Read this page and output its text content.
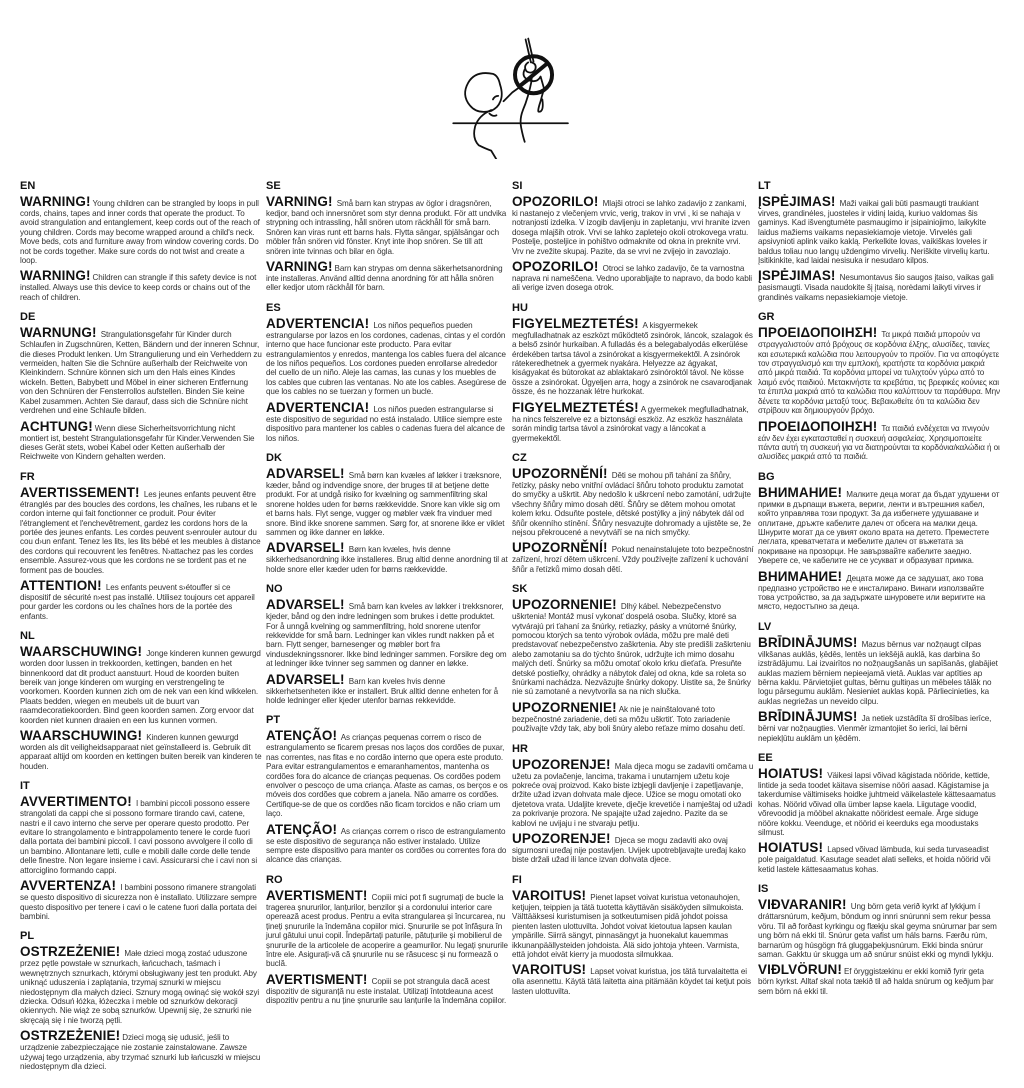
EN
WARNING! Young children can be strangled by loops in pull cords, chains, tapes and inner cords that operate the product. To avoid strangulation and entanglement, keep cords out of the reach of young children. Cords may become wrapped around a child's neck. Move beds, cots and furniture away from window covering cords. Do not be cords together. Make sure cords do not twist and create a loop.
WARNING! Children can strangle if this safety device is not installed. Always use this device to keep cords or chains out of the reach of children.
DE
WARNUNG! Strangulationsgefahr für Kinder durch Schlaufen in Zugschnüren, Ketten, Bändern und der inneren Schnur, die dieses Produkt lenken. Um Strangulierung und ein Verheddern zu vermeiden, halten Sie die Schnüre außerhalb der Reichweite von Kleinkindern. Schnüre können sich um den Hals eines Kindes wickeln. Betten, Babybett und Möbel in einer sicheren Entfernung von den Schnüren der Fensterrollos aufstellen. Binden Sie keine Kabel zusammen. Achten Sie darauf, dass sich die Schnüre nicht verdrehen und eine Schlaufe bilden.
ACHTUNG! Wenn diese Sicherheitsvorrichtung nicht montiert ist, besteht Strangulationsgefahr für Kinder.Verwenden Sie dieses Gerät stets, wobei Kabel oder Ketten außerhalb der Reichweite von Kindern gehalten werden.
FR
AVERTISSEMENT! Les jeunes enfants peuvent être étranglés par des boucles des cordons, les chaînes, les rubans et le cordon interne qui fait fonctionner ce produit. Pour éviter l'étranglement et l'enchevêtrement, gardez les cordons hors de la portée des jeunes enfants. Les cordes peuvent s›enrouler autour du cou d›un enfant. Tenez les lits, les lits bébé et les meubles à distance des cordons qui recouvrent les fenêtres. N›attachez pas les cordes ensemble. Assurez-vous que les cordons ne se tordent pas et ne forment pas de boucles.
ATTENTION! Les enfants peuvent s›étouffer si ce dispositif de sécurité n›est pas installé. Utilisez toujours cet appareil pour garder les cordons ou les chaînes hors de la portée des enfants.
NL
WAARSCHUWING! Jonge kinderen kunnen gewurgd worden door lussen in trekkoorden, kettingen, banden en het binnenkoord dat dit product aanstuurt. Houd de koorden buiten bereik van jonge kinderen om wurging en verstrengeling te voorkomen. Koorden kunnen zich om de nek van een kind wikkelen. Plaats bedden, wiegen en meubels uit de buurt van raamdecoratiekoorden. Bind geen koorden samen. Zorg ervoor dat koorden niet kunnen draaien en een lus kunnen vormen.
WAARSCHUWING! Kinderen kunnen gewurgd worden als dit veiligheidsapparaat niet geïnstalleerd is. Gebruik dit apparaat altijd om koorden en kettingen buiten bereik van kinderen te houden.
IT
AVVERTIMENTO! I bambini piccoli possono essere strangolati da cappi che si possono formare tirando cavi, catene, nastri e il cavo interno che serve per operare questo prodotto. Per evitare lo strangolamento e l›intrappolamento tenere le corde fuori dalla portata dei bambini piccoli. I cavi possono avvolgere il collo di un bambino. Allontanare letti, culle e mobili dalle corde delle tende delle finestre. Non legare insieme i cavi. Assicurarsi che i cavi non si attorciglino formando cappi.
AVVERTENZA! I bambini possono rimanere strangolati se questo dispositivo di sicurezza non è installato. Utilizzare sempre questo dispositivo per tenere i cavi o le catene fuori dalla portata dei bambini.
PL
OSTRZEŻENIE! Małe dzieci mogą zostać uduszone przez pętle powstałe w sznurkach, łańcuchach, taśmach i wewnętrznych sznurkach, którymi obsługiwany jest ten produkt. Aby uniknąć uduszenia i zaplątania, trzymaj sznurki w miejscu niedostępnym dla małych dzieci. Sznury mogą owinąć się wokół szyi dziecka. Odsuń łóżka, łóżeczka i meble od sznurków dekoracji okiennych. Nie wiąż ze sobą sznurków. Upewnij się, że sznurki nie skręcają się i nie tworzą pętli.
OSTRZEŻENIE! Dzieci mogą się udusić, jeśli to urządzenie zabezpieczające nie zostanie zainstalowane. Zawsze używaj tego urządzenia, aby trzymać sznurki lub łańcuszki w miejscu niedostępnym dla dzieci.
SE
VARNING! Små barn kan strypas av öglor i dragsnören, kedjor, band och innersnöret som styr denna produkt. För att undvika strypning och intrassling, håll snören utom räckhåll för små barn. Snören kan viras runt ett barns hals. Flytta sängar, spjälsängar och möbler från snören vid fönster. Knyt inte ihop snören. Se till att snören inte tvinnas och bilar en ögla.
VARNING! Barn kan strypas om denna säkerhetsanordning inte installeras. Använd alltid denna anordning för att hålla snören eller kedjor utom räckhåll för barn.
ES
ADVERTENCIA! Los niños pequeños pueden estrangularse por lazos en los cordones, cadenas, cintas y el cordón interno que hace funcionar este producto. Para evitar estrangulamientos y enredos, mantenga los cables fuera del alcance de los niños pequeños. Los cordones pueden enrollarse alrededor del cuello de un niño. Aleje las camas, las cunas y los muebles de los cables que cubren las ventanas. No ate los cables. Asegúrese de que los cables no se tuerzan y formen un bucle.
ADVERTENCIA! Los niños pueden estrangularse si este dispositivo de seguridad no está instalado. Utilice siempre este dispositivo para mantener los cables o cadenas fuera del alcance de los niños.
DK
ADVARSEL! Små børn kan kvæles af løkker i træksnore, kæder, bånd og indvendige snore, der bruges til at betjene dette produkt. For at undgå risiko for kvælning og sammenfiltring skal snorene holdes uden for børns rækkevidde. Snore kan vikle sig om et barns hals. Flyt senge, vugger og møbler væk fra vinduer med snore. Bind ikke snorene sammen. Sørg for, at snorene ikke er viklet sammen og ikke danner en løkke.
ADVARSEL! Børn kan kvæles, hvis denne sikkerhedsanordning ikke installeres. Brug altid denne anordning til at holde snore eller kæder uden for børns rækkevidde.
NO
ADVARSEL! Små barn kan kveles av løkker i trekksnorer, kjeder, bånd og den indre ledningen som brukes i dette produktet. For å unngå kvelning og sammenfiltring, hold snorene utenfor rekkevidde for små barn. Ledninger kan vikles rundt nakken på et barn. Flytt senger, barnesenger og møbler bort fra vindusdekningssnorer. Ikke bind ledninger sammen. Forsikre deg om at ledninger ikke tvinner seg sammen og danner en løkke.
ADVARSEL! Barn kan kveles hvis denne sikkerhetsenheten ikke er installert. Bruk alltid denne enheten for å holde ledninger eller kjeder utenfor barnas rekkevidde.
PT
ATENÇÃO! As crianças pequenas correm o risco de estrangulamento se ficarem presas nos laços dos cordões de puxar, nas correntes, nas fitas e no cordão interno que opera este produto. Para evitar estrangulamentos e emaranhamentos, mantenha os cordões fora do alcance de crianças pequenas. Os cordões podem envolver o pescoço de uma criança. Afaste as camas, os berços e os móveis dos cordões que cobrem a janela. Não amarre os cordões. Certifique-se de que os cordões não ficam torcidos e não criam um laço.
ATENÇÃO! As crianças correm o risco de estrangulamento se este dispositivo de segurança não estiver instalado. Utilize sempre este dispositivo para manter os cordões ou correntes fora do alcance das crianças.
RO
AVERTISMENT! Copiii mici pot fi sugrumați de bucle la tragerea șnururilor, lanțurilor, benzilor și a cordonului interior care operează acest produs. Pentru a evita strangularea și încurcarea, nu țineți șnururile la îndemâna copiilor mici. Șnururile se pot înfășura în jurul gâtului unui copil. Îndepărtați paturile, pătuțurile și mobilierul de șnururile de la articolele de acoperire a geamurilor. Nu legați șnururile între ele. Asigurați-vă că șnururile nu se răsucesc și nu formează o buclă.
AVERTISMENT! Copiii se pot strangula dacă acest dispozitiv de siguranță nu este instalat. Utilizați întotdeauna acest dispozitiv pentru a nu ține șnururile sau lanțurile la îndemâna copiilor.
SI
OPOZORILO! Mlajši otroci se lahko zadavijo z zankami, ki nastanejo z vlečenjem vrvic, verig, trakov in vrvi , ki se nahaja v notranjosti izdelka. V izogib davljenju in zapletanju, vrvi hranite izven dosega mlajših otrok. Vrvi se lahko zapletejo okoli otrokovega vratu. Postelje, posteljice in pohištvo odmaknite od okna in preknite vrvi. Vrv ne zvežite skupaj. Pazite, da se vrvi ne zvijejo in zavozlajo.
OPOZORILO! Otroci se lahko zadavijo, če ta varnostna naprava ni nameščena. Vedno uporabljajte to napravo, da bodo kabli ali verige izven dosega otrok.
HU
FIGYELMEZTETÉS! A kisgyermekek megfulladhatnak az eszközt működtető zsinórok, láncok, szalagok és a belső zsinór hurkaiban. A fulladás és a belegabalyodás elkerülése érdekében tartsa távol a zsinórokat a kisgyermekektől. A zsinórok rátekeredhetnek a gyermek nyakára. Helyezze az ágyakat, kiságyakat és bútorokat az ablaktakaró zsinóroktól távol. Ne kösse össze a zsinórokat. Ügyeljen arra, hogy a zsinórok ne csavarodjanak össze, és ne hozzanak létre hurkokat.
FIGYELMEZTETÉS! A gyermekek megfulladhatnak, ha nincs felszerelve ez a biztonsági eszköz. Az eszköz használata során mindig tartsa távol a zsinórokat vagy a láncokat a gyermekektől.
CZ
UPOZORNĚNÍ! Děti se mohou při tahání za šňůry, řetízky, pásky nebo vnitřní ovládací šňůru tohoto produktu zamotat do smyčky a uškrtit. Aby nedošlo k uškrcení nebo zamotání, udržujte všechny šňůry mimo dosah dětí. Šňůry se dětem mohou omotat kolem krku. Odsuňte postele, dětské postýlky a jiný nábytek dál od šňůr okenního stínění. Šňůry nesvazujte dohromady a ujistěte se, že nejsou překroucené a nevytváří se na nich smyčky.
UPOZORNĚNÍ! Pokud nenainstalujete toto bezpečnostní zařízení, hrozí dětem uškrcení. Vždy používejte zařízení k uchování šňůr a řetízků mimo dosah dětí.
SK
UPOZORNENIE! Dlhý kábel. Nebezpečenstvo uškrtenia! Montáž musí vykonať dospelá osoba. Slučky, ktoré sa vytvárajú pri ťahaní za šnúrky, retiazky, pásky a vnútorné šnúrky, pomocou ktorých sa tento výrobok ovláda, môžu pre malé deti predstavovať nebezpečenstvo zaškrtenia. Aby ste predišli zaškrteniu alebo zamotaniu sa do týchto šnúrok, udržujte ich mimo dosahu malých detí. Šnúrky sa môžu omotať okolo krku dieťaťa. Presuňte detské postieľky, ohrádky a nábytok ďalej od okna, kde sa roleta so šnúrkami nachádza. Nezväzujte šnúrky dokopy. Uistite sa, že šnúrky nie sú zamotané a nevytvorila sa na nich slučka.
UPOZORNENIE! Ak nie je nainštalované toto bezpečnostné zariadenie, deti sa môžu uškrtiť. Toto zariadenie používajte vždy tak, aby boli šnúry alebo reťaze mimo dosahu detí.
HR
UPOZORENJE! Mala djeca mogu se zadaviti omčama u užetu za povlačenje, lancima, trakama i unutarnjem užetu koje pokreće ovaj proizvod. Kako biste izbjegli davljenje i zapetljavanje, držite užad izvan dohvata male djece. Užice se mogu omotati oko djetetova vrata. Udaljite krevete, dječje krevetiće i namještaj od užadi za pokrivanje prozora. Ne spajajte užad zajedno. Pazite da se kablovi ne uvijaju i ne stvaraju petlju.
UPOZORENJE! Djeca se mogu zadaviti ako ovaj sigurnosni uređaj nije postavljen. Uvijek upotrebljavajte uređaj kako biste držali užad ili lance izvan dohvata djece.
FI
VAROITUS! Pienet lapset voivat kuristua vetonauhojen, ketjujen, teippien ja tätä tuotetta käyttävän sisäköyden silmukoista. Välttääksesi kuristumisen ja sotkeutumisen pidä johdot poissa pienten lasten ulottuvilta. Johdot voivat kietoutua lapsen kaulan ympärille. Siirrä sängyt, pinnasängyt ja huonekalut kauemmas ikkunanpäällysteiden johdoista. Älä sido johtoja yhteen. Varmista, että johdot eivät kierry ja muodosta silmukkaa.
VAROITUS! Lapset voivat kuristua, jos tätä turvalaitetta ei olla asennettu. Käytä tätä laitetta aina pitämään köydet tai ketjut pois lasten ulottuvilta.
LT
ĮSPĖJIMAS! Maži vaikai gali būti pasmaugti traukiant virves, grandinėles, juosteles ir vidinį laidą, kuriuo valdomas šis gaminys. Kad išvengtumėte pasmaugimo ir įsipainiojimo, laikykite laidus mažiems vaikams nepasiekiamoje vietoje. Virvelės gali apsivynioti aplink vaiko kaklą. Perkelkite lovas, vaikiškas loveles ir baldus toliau nuo langų uždengimo virvelių. Neriškite virvelių kartu. Įsitikinkite, kad laidai nesisuka ir nesudaro kilpos.
ĮSPĖJIMAS! Nesumontavus šio saugos įtaiso, vaikas gali pasismaugti. Visada naudokite šį įtaisą, norėdami laikyti virves ir grandinės vaikams nepasiekiamoje vietoje.
GR
ΠΡΟΕΙΔΟΠΟΙΗΣΗ! Τα μικρά παιδιά μπορούν να στραγγαλιστούν από βρόχους σε κορδόνια έλξης, αλυσίδες, ταινίες και εσωτερικά καλώδια που λειτουργούν το προϊόν. Για να αποφύγετε τον στραγγαλισμό και την εμπλοκή, κρατήστε τα κορδόνια μακριά από μικρά παιδιά. Τα κορδόνια μπορεί να τυλιχτούν γύρω από το λαιμό ενός παιδιού. Μετακινήστε τα κρεβάτια, τις βρεφικές κούνιες και τα έπιπλα μακριά από τα καλώδια που καλύπτουν τα παράθυρα. Μην δένετε τα κορδόνια μεταξύ τους. Βεβαιωθείτε ότι τα καλώδια δεν στρίβουν και δημιουργούν βρόχο.
ΠΡΟΕΙΔΟΠΟΙΗΣΗ! Τα παιδιά ενδέχεται να πνιγούν εάν δεν έχει εγκατασταθεί η συσκευή ασφαλείας. Χρησιμοποιείτε πάντα αυτή τη συσκευή για να διατηρούνται τα κορδόνια/καλώδια ή οι αλυσίδες μακριά από τα παιδιά.
BG
ВНИМАНИЕ! Малките деца могат да бъдат удушени от примки в дърпащи въжета, вериги, ленти и вътрешния кабел, който управлява този продукт. За да избегнете удушаване и оплитане, дръжте кабелите далеч от обсега на малки деца. Шнурите могат да се увият около врата на детето. Преместете леглата, креватчетата и мебелите далеч от въжетата за покриване на прозорци. Не завързвайте кабелите заедно. Уверете се, че кабелите не се усукват и образуват примка.
ВНИМАНИЕ! Децата може да се задушат, ако това предпазно устройство не е инсталирано. Винаги използвайте това устройство, за да задържате шнуровете или веригите на място, недостъпно за деца.
LV
BRĪDINĀJUMS! Mazus bērnus var nožņaugt cilpas vilkšanas auklās, ķēdēs, lentēs un iekšējā auklā, kas darbina šo izstrādājumu. Lai izvairītos no nožņaugšanās un sapīšanās, glabājiet auklas maziem bērniem nepieejamā vietā. Auklas var aptīties ap bērna kaklu. Pārvietojiet gultas, bērnu gultiņas un mēbeles tālāk no logu pārsegumu auklām. Nesieniet auklas kopā. Pārliecinieties, ka auklas negriežas un neveido cilpu.
BRĪDINĀJUMS! Ja netiek uzstādīta šī drošības ierīce, bērni var nožņaugties. Vienmēr izmantojiet šo ierīci, lai bērni nepiekļūtu auklām un ķēdēm.
EE
HOIATUS! Väikesi lapsi võivad kägistada nööride, kettide, lintide ja seda toodet käitava sisemise nööri aasad. Kägistamise ja takerdumise vältimiseks hoidke juhtmeid väikelastele kättesaamatus kohas. Nöörid võivad olla ümber lapse kaela. Liigutage voodid, võrevoodid ja mööbel aknakatte nööridest eemale. Ärge siduge nööre kokku. Veenduge, et nöörid ei keerduks ega moodustaks silmust.
HOIATUS! Lapsed võivad lämbuda, kui seda turvaseadist pole paigaldatud. Kasutage seadet alati selleks, et hoida nöörid või ketid lastele kättesaamatus kohas.
IS
VIÐVARANIR! Ung börn geta verið kyrkt af lykkjum í dráttarsnúrum, keðjum, böndum og innri snúrunni sem rekur þessa vöru. Til að forðast kyrkingu og flækju skal geyma snúrurnar þar sem ung börn ná ekki til. Snúrur geta vafist um háls barns. Færðu rúm, barnarúm og húsgögn frá gluggaþekjusnúrum. Ekki binda snúrur saman. Gakktu úr skugga um að snúrur snúist ekki og myndi lykkju.
VIÐLVÖRUN! Ef öryggistækinu er ekki komið fyrir geta börn kyrkst. Alltaf skal nota tækið til að halda snúrum og keðjum þar sem börn ná ekki til.
